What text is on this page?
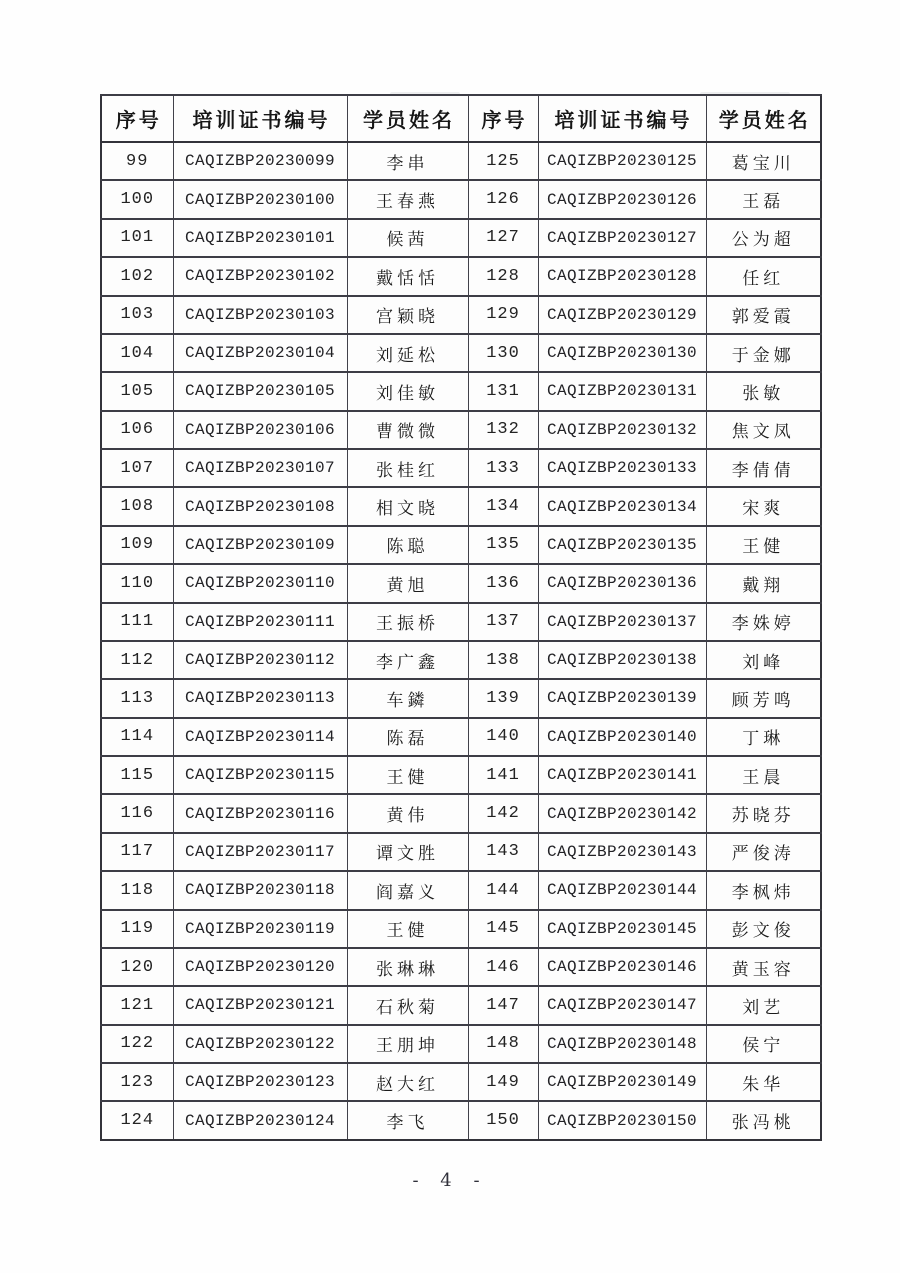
序号	培训证书编号	学员姓名	序号	培训证书编号	学员姓名
99	CAQIZBP20230099	李串	125	CAQIZBP20230125	葛宝川
100	CAQIZBP20230100	王春燕	126	CAQIZBP20230126	王磊
101	CAQIZBP20230101	候茜	127	CAQIZBP20230127	公为超
102	CAQIZBP20230102	戴恬恬	128	CAQIZBP20230128	任红
103	CAQIZBP20230103	宫颖晓	129	CAQIZBP20230129	郭爱霞
104	CAQIZBP20230104	刘延松	130	CAQIZBP20230130	于金娜
105	CAQIZBP20230105	刘佳敏	131	CAQIZBP20230131	张敏
106	CAQIZBP20230106	曹微微	132	CAQIZBP20230132	焦文凤
107	CAQIZBP20230107	张桂红	133	CAQIZBP20230133	李倩倩
108	CAQIZBP20230108	相文晓	134	CAQIZBP20230134	宋爽
109	CAQIZBP20230109	陈聪	135	CAQIZBP20230135	王健
110	CAQIZBP20230110	黄旭	136	CAQIZBP20230136	戴翔
111	CAQIZBP20230111	王振桥	137	CAQIZBP20230137	李姝婷
112	CAQIZBP20230112	李广鑫	138	CAQIZBP20230138	刘峰
113	CAQIZBP20230113	车鏻	139	CAQIZBP20230139	顾芳鸣
114	CAQIZBP20230114	陈磊	140	CAQIZBP20230140	丁琳
115	CAQIZBP20230115	王健	141	CAQIZBP20230141	王晨
116	CAQIZBP20230116	黄伟	142	CAQIZBP20230142	苏晓芬
117	CAQIZBP20230117	谭文胜	143	CAQIZBP20230143	严俊涛
118	CAQIZBP20230118	阎嘉义	144	CAQIZBP20230144	李枫炜
119	CAQIZBP20230119	王健	145	CAQIZBP20230145	彭文俊
120	CAQIZBP20230120	张琳琳	146	CAQIZBP20230146	黄玉容
121	CAQIZBP20230121	石秋菊	147	CAQIZBP20230147	刘艺
122	CAQIZBP20230122	王朋坤	148	CAQIZBP20230148	侯宁
123	CAQIZBP20230123	赵大红	149	CAQIZBP20230149	朱华
124	CAQIZBP20230124	李飞	150	CAQIZBP20230150	张冯桃
- 4 -
